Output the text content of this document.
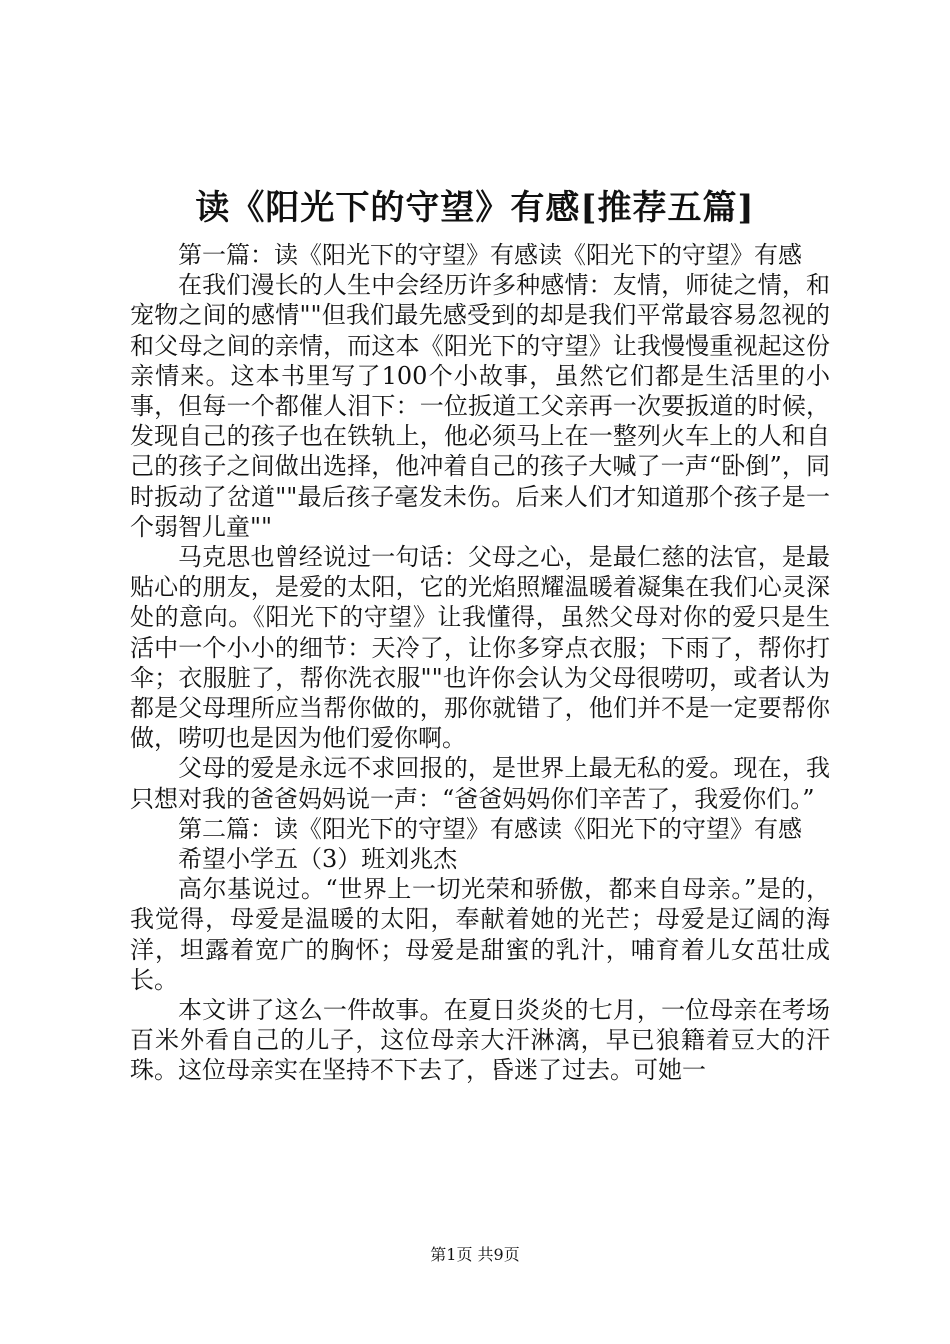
读《阳光下的守望》有感[推荐五篇]

第一篇：读《阳光下的守望》有感读《阳光下的守望》有感

在我们漫长的人生中会经历许多种感情：友情，师徒之情，和宠物之间的感情""但我们最先感受到的却是我们平常最容易忽视的和父母之间的亲情，而这本《阳光下的守望》让我慢慢重视起这份亲情来。这本书里写了100个小故事，虽然它们都是生活里的小事，但每一个都催人泪下：一位扳道工父亲再一次要扳道的时候，发现自己的孩子也在铁轨上，他必须马上在一整列火车上的人和自己的孩子之间做出选择，他冲着自己的孩子大喊了一声“卧倒”，同时扳动了岔道""最后孩子毫发未伤。后来人们才知道那个孩子是一个弱智儿童""

马克思也曾经说过一句话：父母之心，是最仁慈的法官，是最贴心的朋友，是爱的太阳，它的光焰照耀温暖着凝集在我们心灵深处的意向。《阳光下的守望》让我懂得，虽然父母对你的爱只是生活中一个小小的细节：天冷了，让你多穿点衣服；下雨了，帮你打伞；衣服脏了，帮你洗衣服""也许你会认为父母很唠叨，或者认为都是父母理所应当帮你做的，那你就错了，他们并不是一定要帮你做，唠叨也是因为他们爱你啊。

父母的爱是永远不求回报的，是世界上最无私的爱。现在，我只想对我的爸爸妈妈说一声：“爸爸妈妈你们辛苦了，我爱你们。”

第二篇：读《阳光下的守望》有感读《阳光下的守望》有感

希望小学五（3）班刘兆杰

高尔基说过。“世界上一切光荣和骄傲，都来自母亲。”是的，我觉得，母爱是温暖的太阳，奉献着她的光芒；母爱是辽阔的海洋，坦露着宽广的胸怀；母爱是甜蜜的乳汁，哺育着儿女茁壮成长。

本文讲了这么一件故事。在夏日炎炎的七月，一位母亲在考场百米外看自己的儿子，这位母亲大汗淋漓，早已狼籍着豆大的汗珠。这位母亲实在坚持不下去了，昏迷了过去。可她一

第1页 共9页
